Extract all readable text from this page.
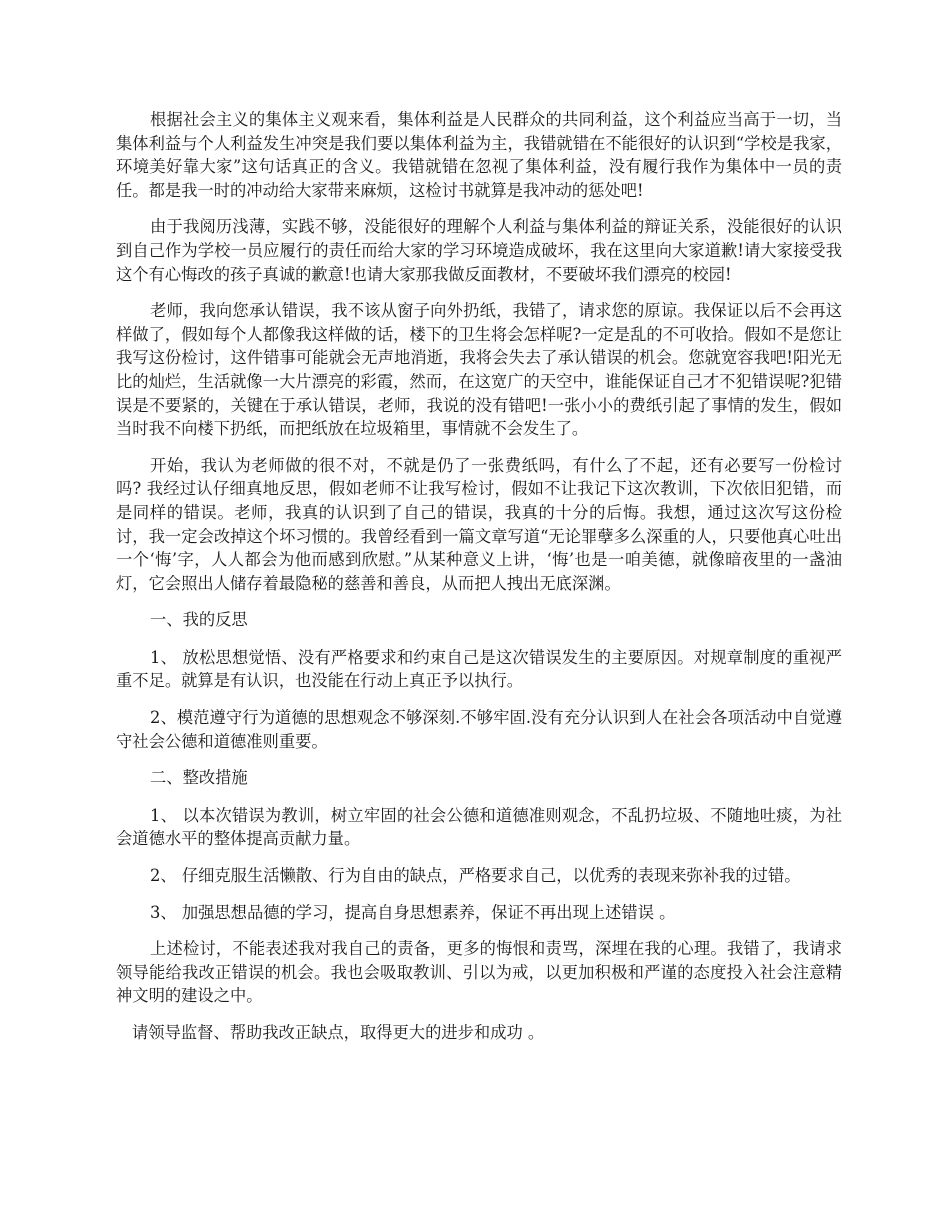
根据社会主义的集体主义观来看，集体利益是人民群众的共同利益，这个利益应当高于一切，当集体利益与个人利益发生冲突是我们要以集体利益为主，我错就错在不能很好的认识到“学校是我家，环境美好靠大家”这句话真正的含义。我错就错在忽视了集体利益，没有履行我作为集体中一员的责任。都是我一时的冲动给大家带来麻烦，这检讨书就算是我冲动的惩处吧!

由于我阅历浅薄，实践不够，没能很好的理解个人利益与集体利益的辩证关系，没能很好的认识到自己作为学校一员应履行的责任而给大家的学习环境造成破坏，我在这里向大家道歉!请大家接受我这个有心悔改的孩子真诚的歉意!也请大家那我做反面教材，不要破坏我们漂亮的校园!

老师，我向您承认错误，我不该从窗子向外扔纸，我错了，请求您的原谅。我保证以后不会再这样做了，假如每个人都像我这样做的话，楼下的卫生将会怎样呢?一定是乱的不可收拾。假如不是您让我写这份检讨，这件错事可能就会无声地消逝，我将会失去了承认错误的机会。您就宽容我吧!阳光无比的灿烂，生活就像一大片漂亮的彩霞，然而，在这宽广的天空中，谁能保证自己才不犯错误呢?犯错误是不要紧的，关键在于承认错误，老师，我说的没有错吧!一张小小的费纸引起了事情的发生，假如当时我不向楼下扔纸，而把纸放在垃圾箱里，事情就不会发生了。

开始，我认为老师做的很不对，不就是仍了一张费纸吗，有什么了不起，还有必要写一份检讨吗? 我经过认仔细真地反思，假如老师不让我写检讨，假如不让我记下这次教训，下次依旧犯错，而是同样的错误。老师，我真的认识到了自己的错误，我真的十分的后悔。我想，通过这次写这份检讨，我一定会改掉这个坏习惯的。我曾经看到一篇文章写道“无论罪孽多么深重的人，只要他真心吐出一个‘悔’字，人人都会为他而感到欣慰。”从某种意义上讲，‘悔’也是一咱美德，就像暗夜里的一盏油灯，它会照出人储存着最隐秘的慈善和善良，从而把人拽出无底深渊。

一、我的反思

1、 放松思想觉悟、没有严格要求和约束自己是这次错误发生的主要原因。对规章制度的重视严重不足。就算是有认识，也没能在行动上真正予以执行。

2、模范遵守行为道德的思想观念不够深刻.不够牢固.没有充分认识到人在社会各项活动中自觉遵守社会公德和道德准则重要。

二、整改措施

1、 以本次错误为教训，树立牢固的社会公德和道德准则观念，不乱扔垃圾、不随地吐痰，为社会道德水平的整体提高贡献力量。

2、 仔细克服生活懒散、行为自由的缺点，严格要求自己，以优秀的表现来弥补我的过错。

3、 加强思想品德的学习，提高自身思想素养，保证不再出现上述错误 。

上述检讨，不能表述我对我自己的责备，更多的悔恨和责骂，深埋在我的心理。我错了，我请求领导能给我改正错误的机会。我也会吸取教训、引以为戒，以更加积极和严谨的态度投入社会注意精神文明的建设之中。

请领导监督、帮助我改正缺点，取得更大的进步和成功 。
